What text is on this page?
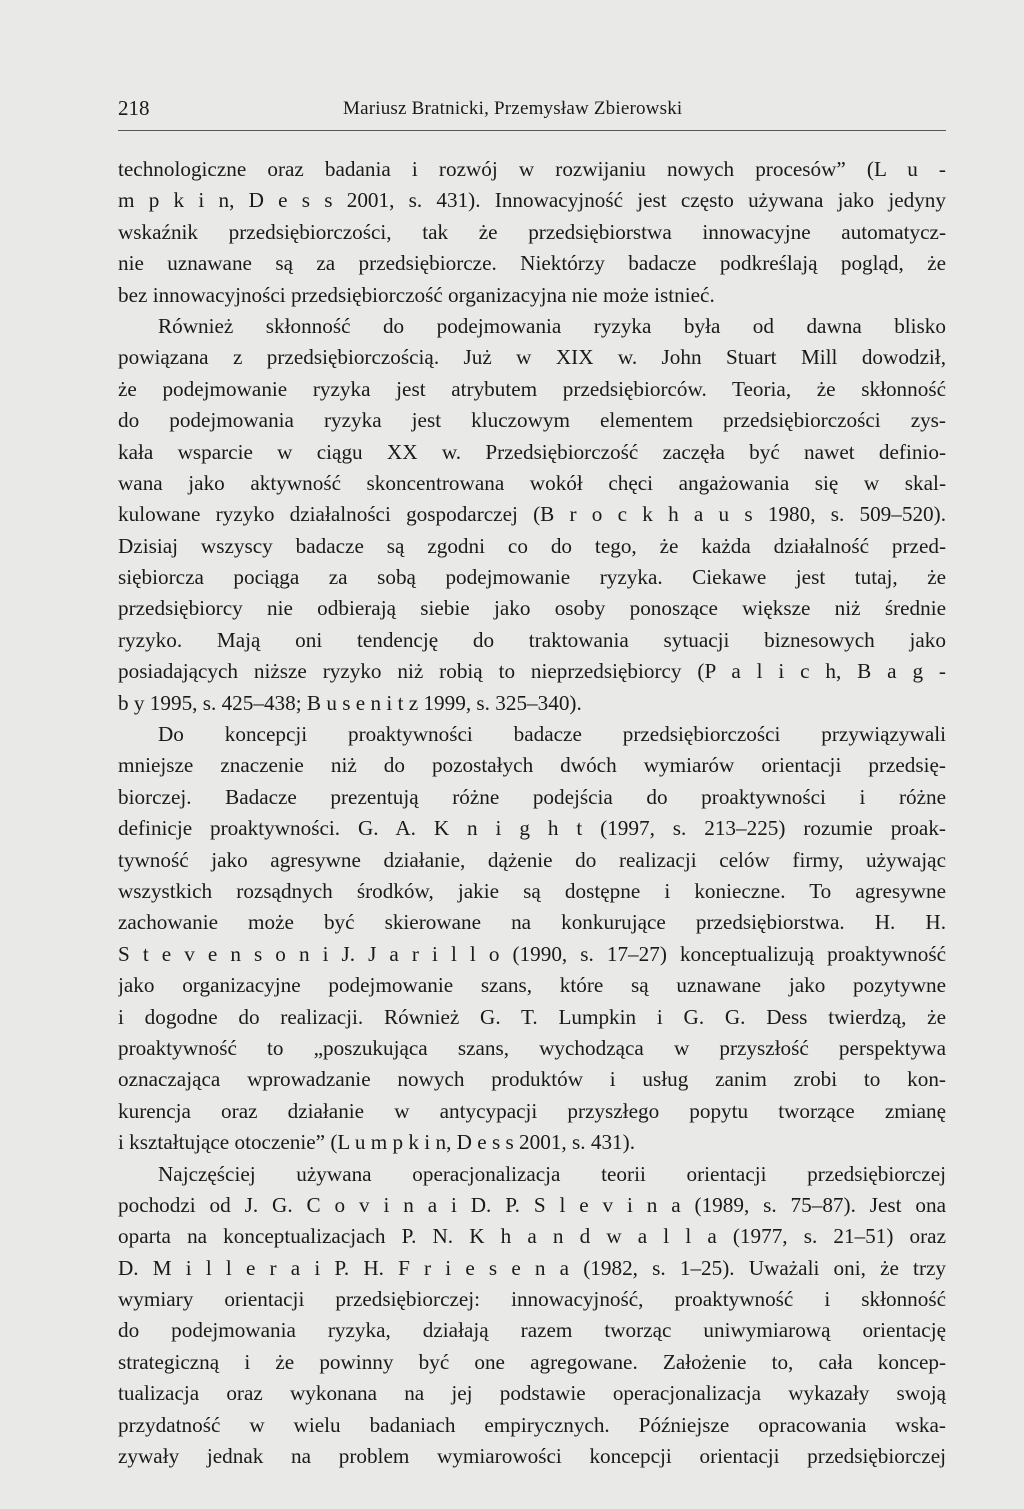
218	Mariusz Bratnicki, Przemysław Zbierowski
technologiczne oraz badania i rozwój w rozwijaniu nowych procesów” (L u -
m p k i n, D e s s 2001, s. 431). Innowacyjność jest często używana jako jedyny
wskaźnik przedsiębiorczości, tak że przedsiębiorstwa innowacyjne automatycz-
nie uznawane są za przedsiębiorcze. Niektórzy badacze podkreślają pogląd, że
bez innowacyjności przedsiębiorczość organizacyjna nie może istnieć.
Również skłonność do podejmowania ryzyka była od dawna blisko
powiązana z przedsiębiorczością. Już w XIX w. John Stuart Mill dowodził,
że podejmowanie ryzyka jest atrybutem przedsiębiorców. Teoria, że skłonność
do podejmowania ryzyka jest kluczowym elementem przedsiębiorczości zys-
kała wsparcie w ciągu XX w. Przedsiębiorczość zaczęła być nawet definio-
wana jako aktywność skoncentrowana wokół chęci angażowania się w skal-
kulowane ryzyko działalności gospodarczej (B r o c k h a u s 1980, s. 509–520).
Dzisiaj wszyscy badacze są zgodni co do tego, że każda działalność przed-
siębiorcza pociąga za sobą podejmowanie ryzyka. Ciekawe jest tutaj, że
przedsiębiorcy nie odbierają siebie jako osoby ponoszące większe niż średnie
ryzyko. Mają oni tendencję do traktowania sytuacji biznesowych jako
posiadających niższe ryzyko niż robią to nieprzedsiębiorcy (P a l i c h, B a g -
b y 1995, s. 425–438; B u s e n i t z 1999, s. 325–340).
Do koncepcji proaktywności badacze przedsiębiorczości przywiązywali
mniejsze znaczenie niż do pozostałych dwóch wymiarów orientacji przedsię-
biorczej. Badacze prezentują różne podejścia do proaktywności i różne
definicje proaktywności. G. A. K n i g h t (1997, s. 213–225) rozumie proak-
tywność jako agresywne działanie, dążenie do realizacji celów firmy, używając
wszystkich rozsądnych środków, jakie są dostępne i konieczne. To agresywne
zachowanie może być skierowane na konkurujące przedsiębiorstwa. H. H.
S t e v e n s o n i J. J a r i l l o (1990, s. 17–27) konceptualizują proaktywność
jako organizacyjne podejmowanie szans, które są uznawane jako pozytywne
i dogodne do realizacji. Również G. T. Lumpkin i G. G. Dess twierdzą, że
proaktywność to „poszukująca szans, wychodząca w przyszłość perspektywa
oznaczająca wprowadzanie nowych produktów i usług zanim zrobi to kon-
kurencja oraz działanie w antycypacji przyszłego popytu tworzące zmianę
i kształtujące otoczenie” (L u m p k i n, D e s s 2001, s. 431).
Najczęściej używana operacjonalizacja teorii orientacji przedsiębiorczej
pochodzi od J. G. C o v i n a i D. P. S l e v i n a (1989, s. 75–87). Jest ona
oparta na konceptualizacjach P. N. K h a n d w a l l a (1977, s. 21–51) oraz
D. M i l l e r a i P. H. F r i e s e n a (1982, s. 1–25). Uważali oni, że trzy
wymiary orientacji przedsiębiorczej: innowacyjność, proaktywność i skłonność
do podejmowania ryzyka, działają razem tworząc uniwymiarową orientację
strategiczną i że powinny być one agregowane. Założenie to, cała koncep-
tualizacja oraz wykonana na jej podstawie operacjonalizacja wykazały swoją
przydatność w wielu badaniach empirycznych. Późniejsze opracowania wska-
zywały jednak na problem wymiarowości koncepcji orientacji przedsiębiorczej
